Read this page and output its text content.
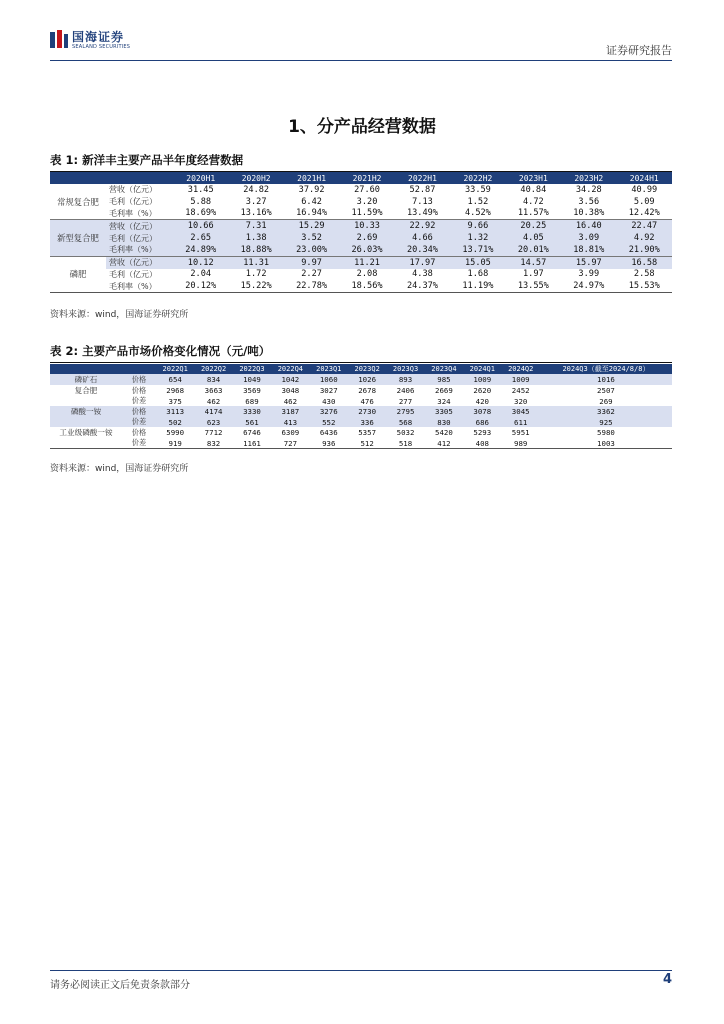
国海证券
SEALAND SECURITIES	证券研究报告
1、分产品经营数据
表 1: 新洋丰主要产品半年度经营数据
		2020H1	2020H2	2021H1	2021H2	2022H1	2022H2	2023H1	2023H2	2024H1
常规复合肥	营收（亿元）	31.45	24.82	37.92	27.60	52.87	33.59	40.84	34.28	40.99
	毛利（亿元）	5.88	3.27	6.42	3.20	7.13	1.52	4.72	3.56	5.09
	毛利率（%）	18.69%	13.16%	16.94%	11.59%	13.49%	4.52%	11.57%	10.38%	12.42%
新型复合肥	营收（亿元）	10.66	7.31	15.29	10.33	22.92	9.66	20.25	16.40	22.47
	毛利（亿元）	2.65	1.38	3.52	2.69	4.66	1.32	4.05	3.09	4.92
	毛利率（%）	24.89%	18.88%	23.00%	26.03%	20.34%	13.71%	20.01%	18.81%	21.90%
磷肥	营收（亿元）	10.12	11.31	9.97	11.21	17.97	15.05	14.57	15.97	16.58
	毛利（亿元）	2.04	1.72	2.27	2.08	4.38	1.68	1.97	3.99	2.58
	毛利率（%）	20.12%	15.22%	22.78%	18.56%	24.37%	11.19%	13.55%	24.97%	15.53%
资料来源：wind，国海证券研究所
表 2: 主要产品市场价格变化情况（元/吨）
		2022Q1	2022Q2	2022Q3	2022Q4	2023Q1	2023Q2	2023Q3	2023Q4	2024Q1	2024Q2	2024Q3（截至2024/8/8）
磷矿石	价格	654	834	1049	1042	1060	1026	893	985	1009	1009	1016
复合肥	价格	2968	3663	3569	3048	3027	2678	2406	2669	2620	2452	2507
	价差	375	462	689	462	430	476	277	324	420	320	269
磷酸一铵	价格	3113	4174	3330	3187	3276	2730	2795	3305	3078	3045	3362
	价差	502	623	561	413	552	336	568	830	686	611	925
工业级磷酸一铵	价格	5990	7712	6746	6309	6436	5357	5032	5420	5293	5951	5980
	价差	919	832	1161	727	936	512	518	412	408	989	1003
资料来源：wind，国海证券研究所
请务必阅读正文后免责条款部分	4
